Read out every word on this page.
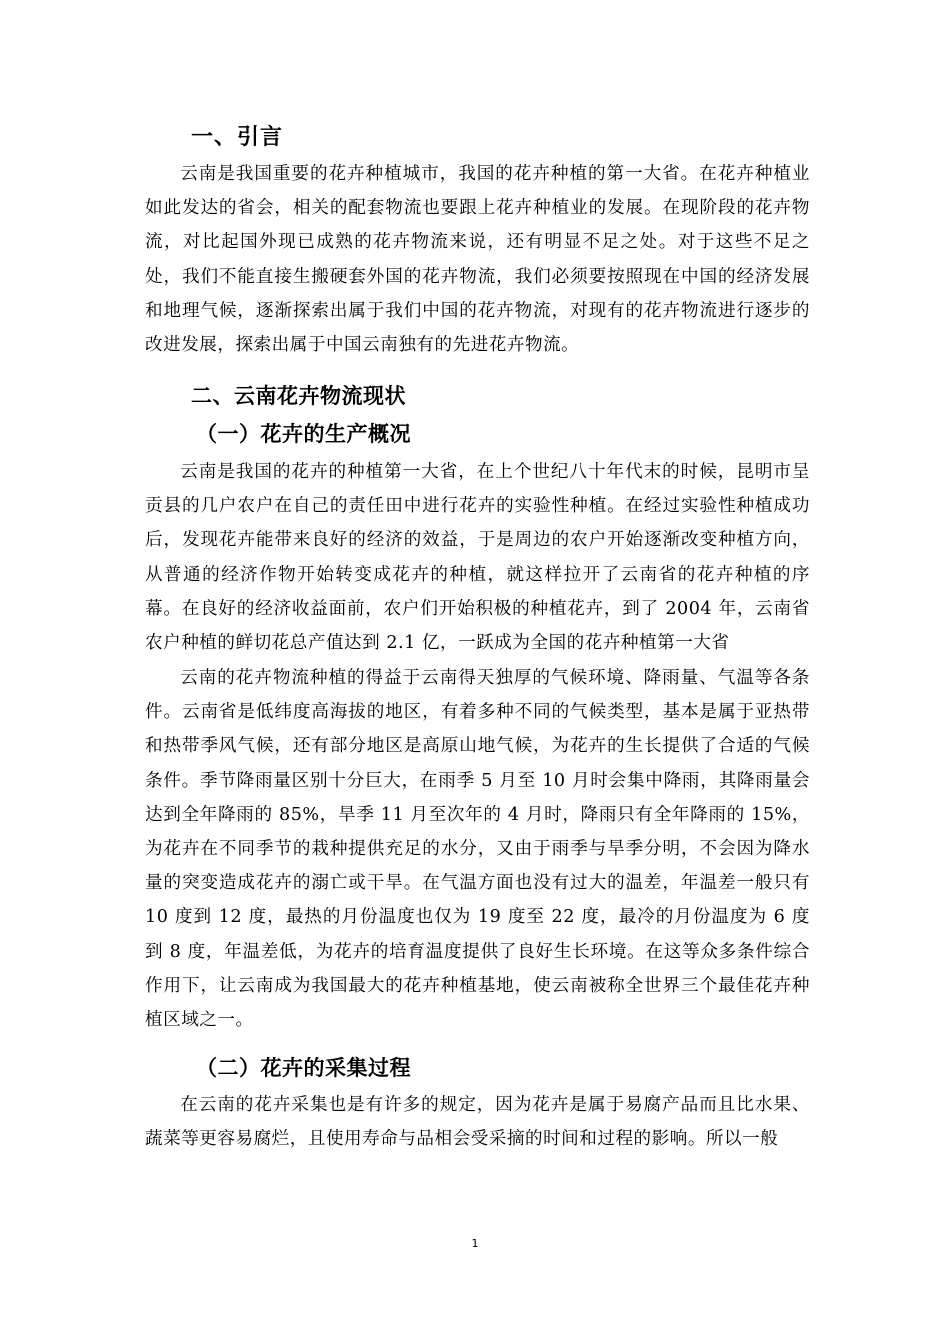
一、引言

云南是我国重要的花卉种植城市，我国的花卉种植的第一大省。在花卉种植业如此发达的省会，相关的配套物流也要跟上花卉种植业的发展。在现阶段的花卉物流，对比起国外现已成熟的花卉物流来说，还有明显不足之处。对于这些不足之处，我们不能直接生搬硬套外国的花卉物流，我们必须要按照现在中国的经济发展和地理气候，逐渐探索出属于我们中国的花卉物流，对现有的花卉物流进行逐步的改进发展，探索出属于中国云南独有的先进花卉物流。

二、云南花卉物流现状
（一）花卉的生产概况

云南是我国的花卉的种植第一大省，在上个世纪八十年代末的时候，昆明市呈贡县的几户农户在自己的责任田中进行花卉的实验性种植。在经过实验性种植成功后，发现花卉能带来良好的经济的效益，于是周边的农户开始逐渐改变种植方向，从普通的经济作物开始转变成花卉的种植，就这样拉开了云南省的花卉种植的序幕。在良好的经济收益面前，农户们开始积极的种植花卉，到了 2004 年，云南省农户种植的鲜切花总产值达到 2.1 亿，一跃成为全国的花卉种植第一大省

云南的花卉物流种植的得益于云南得天独厚的气候环境、降雨量、气温等各条件。云南省是低纬度高海拔的地区，有着多种不同的气候类型，基本是属于亚热带和热带季风气候，还有部分地区是高原山地气候，为花卉的生长提供了合适的气候条件。季节降雨量区别十分巨大，在雨季 5 月至 10 月时会集中降雨，其降雨量会达到全年降雨的 85%，旱季 11 月至次年的 4 月时，降雨只有全年降雨的 15%，为花卉在不同季节的栽种提供充足的水分，又由于雨季与旱季分明，不会因为降水量的突变造成花卉的溺亡或干旱。在气温方面也没有过大的温差，年温差一般只有 10 度到 12 度，最热的月份温度也仅为 19 度至 22 度，最冷的月份温度为 6 度到 8 度，年温差低，为花卉的培育温度提供了良好生长环境。在这等众多条件综合作用下，让云南成为我国最大的花卉种植基地，使云南被称全世界三个最佳花卉种植区域之一。

（二）花卉的采集过程

在云南的花卉采集也是有许多的规定，因为花卉是属于易腐产品而且比水果、蔬菜等更容易腐烂，且使用寿命与品相会受采摘的时间和过程的影响。所以一般

1
